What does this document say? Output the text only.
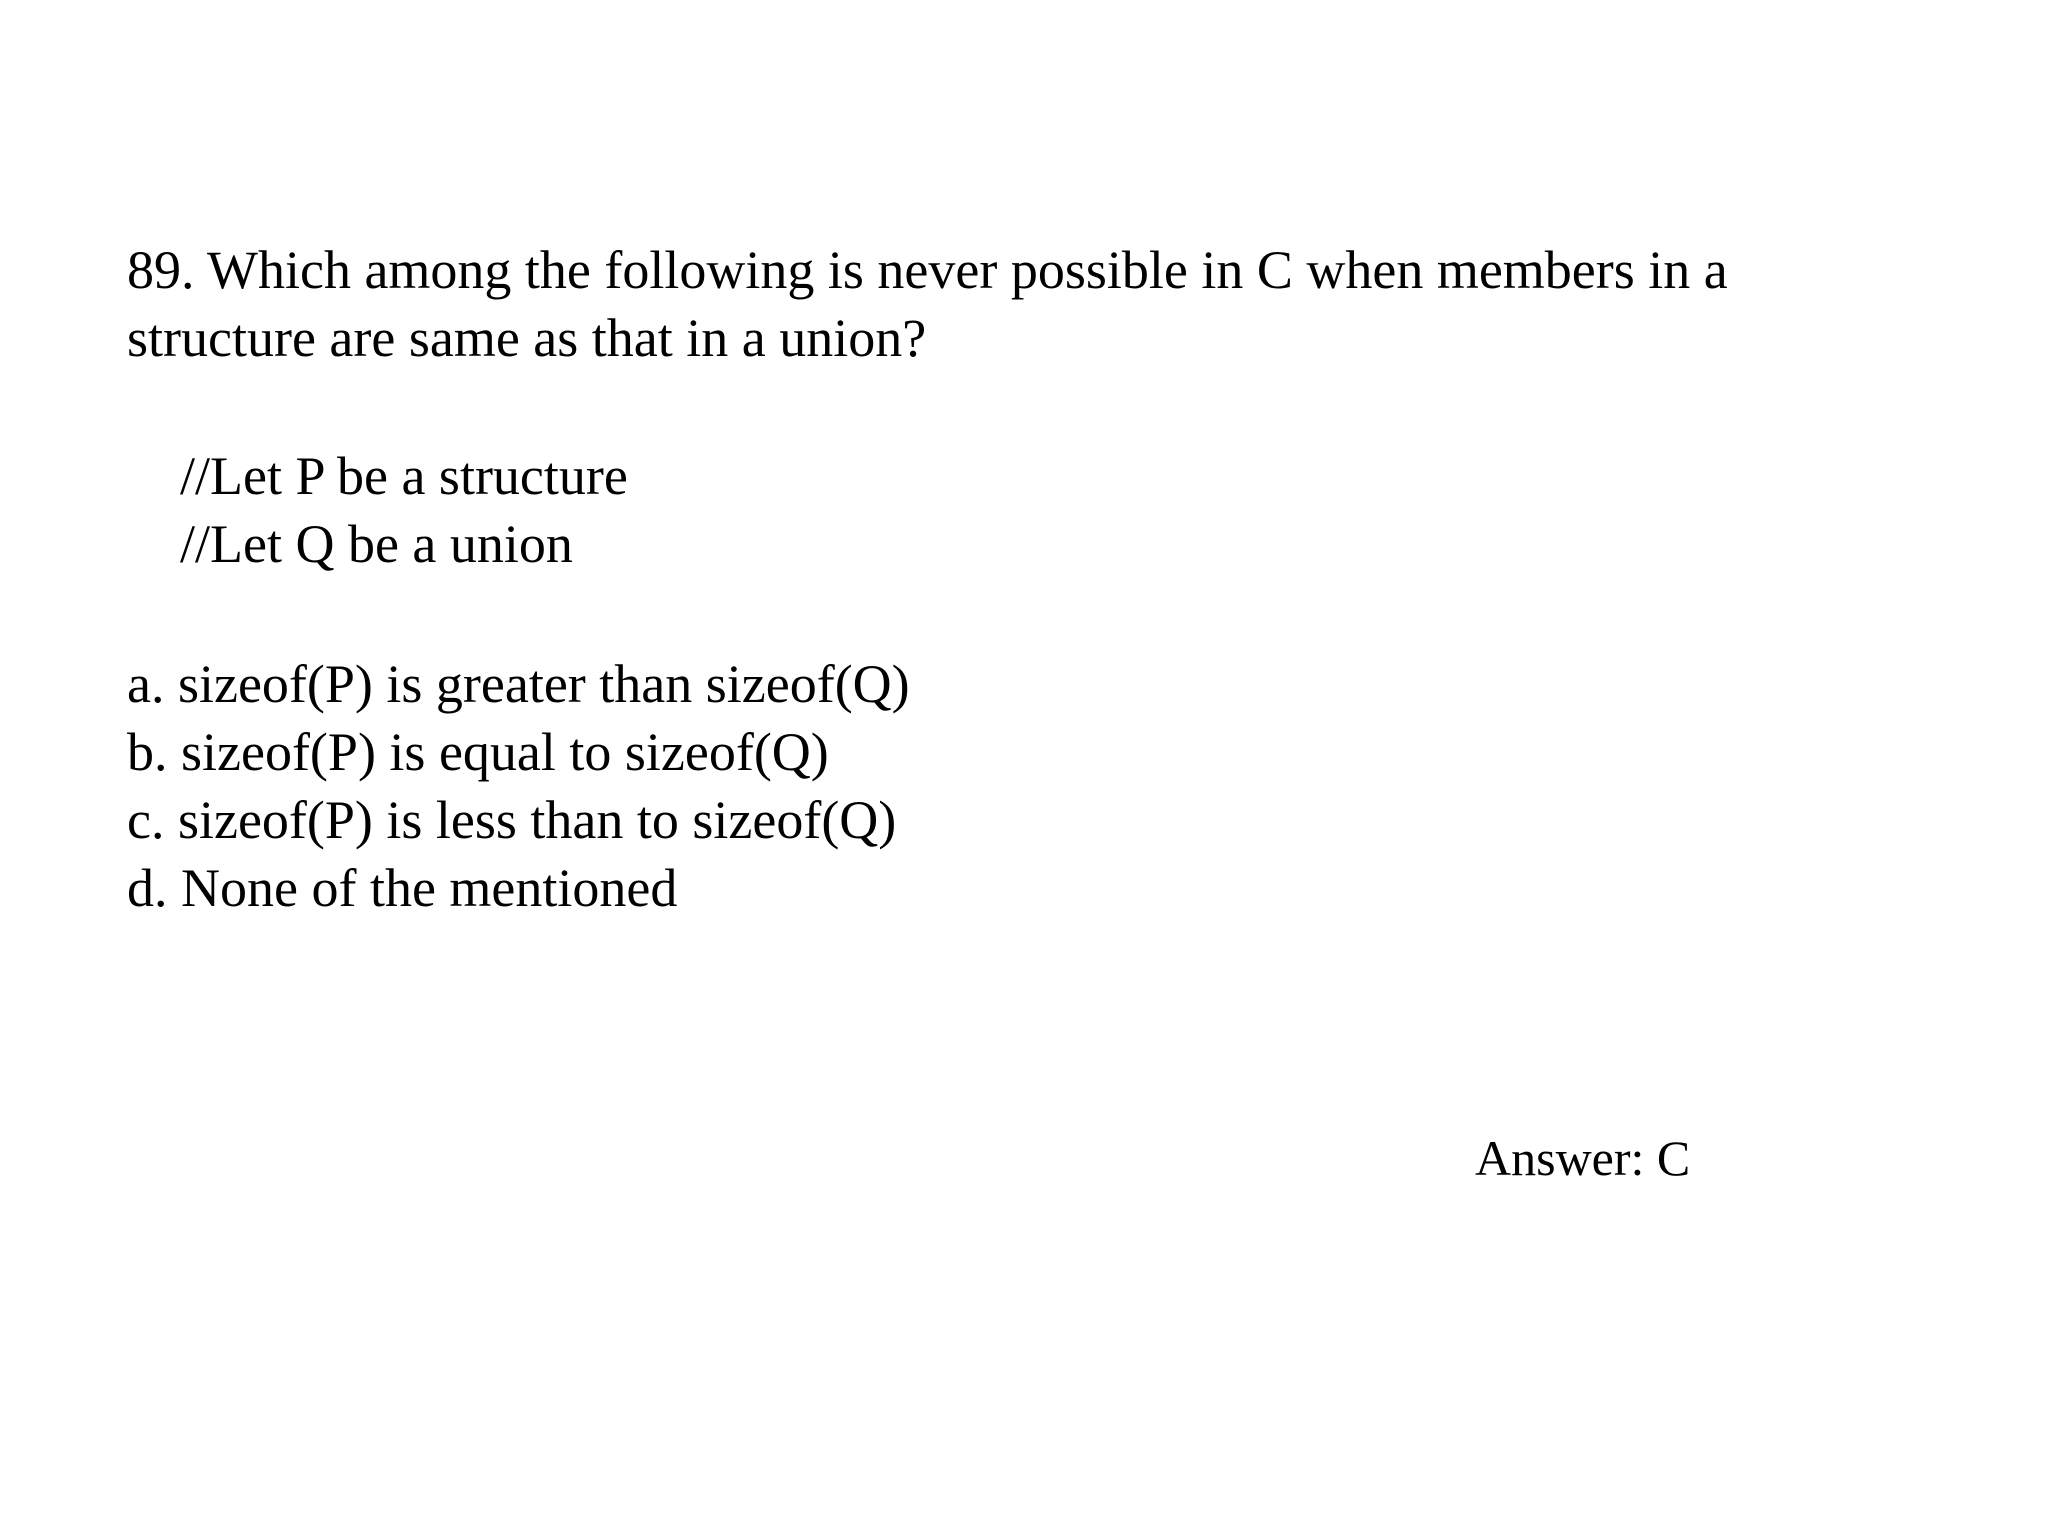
89. Which among the following is never possible in C when members in a structure are same as that in a union?
//Let P be a structure
//Let Q be a union
a. sizeof(P) is greater than sizeof(Q)
b. sizeof(P) is equal to sizeof(Q)
c. sizeof(P) is less than to sizeof(Q)
d. None of the mentioned
Answer: C
